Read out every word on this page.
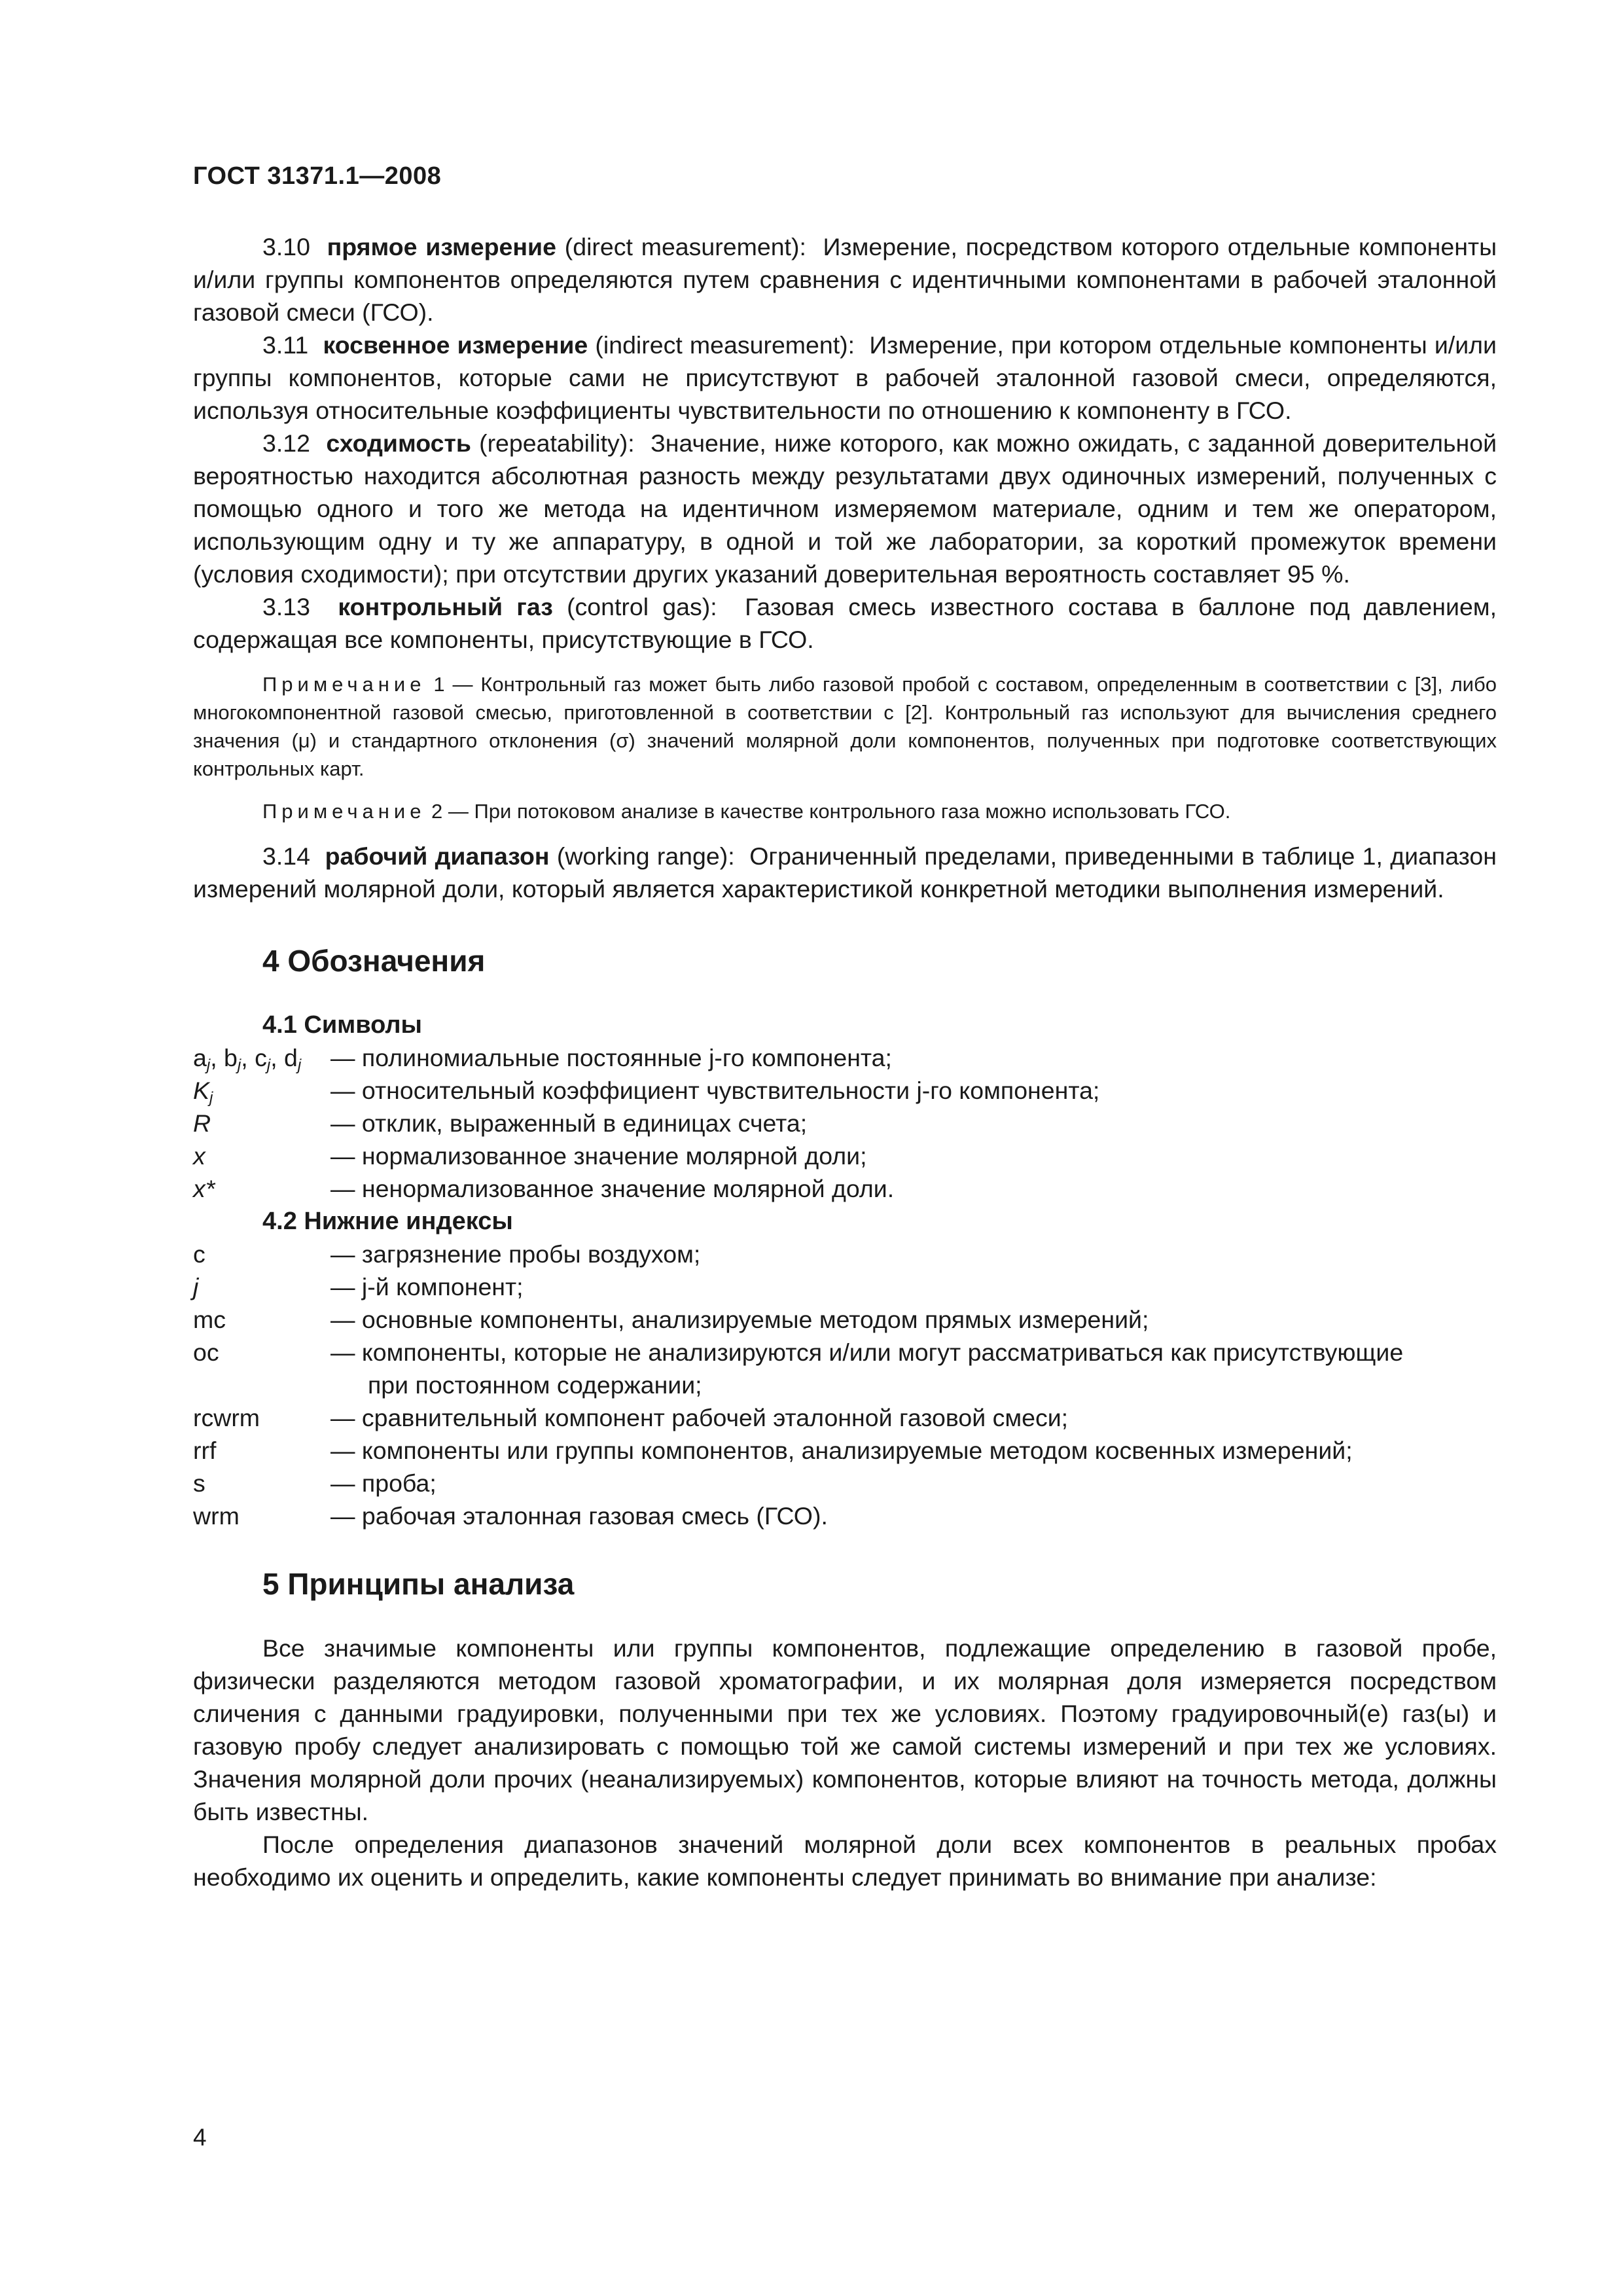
ГОСТ 31371.1—2008

3.10 прямое измерение (direct measurement): Измерение, посредством которого отдельные компоненты и/или группы компонентов определяются путем сравнения с идентичными компонентами в рабочей эталонной газовой смеси (ГСО).

3.11 косвенное измерение (indirect measurement): Измерение, при котором отдельные компоненты и/или группы компонентов, которые сами не присутствуют в рабочей эталонной газовой смеси, определяются, используя относительные коэффициенты чувствительности по отношению к компоненту в ГСО.

3.12 сходимость (repeatability): Значение, ниже которого, как можно ожидать, с заданной доверительной вероятностью находится абсолютная разность между результатами двух одиночных измерений, полученных с помощью одного и того же метода на идентичном измеряемом материале, одним и тем же оператором, использующим одну и ту же аппаратуру, в одной и той же лаборатории, за короткий промежуток времени (условия сходимости); при отсутствии других указаний доверительная вероятность составляет 95 %.

3.13 контрольный газ (control gas): Газовая смесь известного состава в баллоне под давлением, содержащая все компоненты, присутствующие в ГСО.

Примечание 1 — Контрольный газ может быть либо газовой пробой с составом, определенным в соответствии с [3], либо многокомпонентной газовой смесью, приготовленной в соответствии с [2]. Контрольный газ используют для вычисления среднего значения (μ) и стандартного отклонения (σ) значений молярной доли компонентов, полученных при подготовке соответствующих контрольных карт.

Примечание 2 — При потоковом анализе в качестве контрольного газа можно использовать ГСО.

3.14 рабочий диапазон (working range): Ограниченный пределами, приведенными в таблице 1, диапазон измерений молярной доли, который является характеристикой конкретной методики выполнения измерений.

4 Обозначения
4.1 Символы
$a_j$, $b_j$, $c_j$, $d_j$	— полиномиальные постоянные j-го компонента;
$K_j$	— относительный коэффициент чувствительности j-го компонента;
R	— отклик, выраженный в единицах счета;
x	— нормализованное значение молярной доли;
x*	— ненормализованное значение молярной доли.
4.2 Нижние индексы
c	— загрязнение пробы воздухом;
j	— j-й компонент;
mc	— основные компоненты, анализируемые методом прямых измерений;
oc	— компоненты, которые не анализируются и/или могут рассматриваться как присутствующие
при постоянном содержании;
rcwrm	— сравнительный компонент рабочей эталонной газовой смеси;
rrf	— компоненты или группы компонентов, анализируемые методом косвенных измерений;
s	— проба;
wrm	— рабочая эталонная газовая смесь (ГСО).
5 Принципы анализа

Все значимые компоненты или группы компонентов, подлежащие определению в газовой пробе, физически разделяются методом газовой хроматографии, и их молярная доля измеряется посредством сличения с данными градуировки, полученными при тех же условиях. Поэтому градуировочный(е) газ(ы) и газовую пробу следует анализировать с помощью той же самой системы измерений и при тех же условиях. Значения молярной доли прочих (неанализируемых) компонентов, которые влияют на точность метода, должны быть известны.

После определения диапазонов значений молярной доли всех компонентов в реальных пробах необходимо их оценить и определить, какие компоненты следует принимать во внимание при анализе:

4
